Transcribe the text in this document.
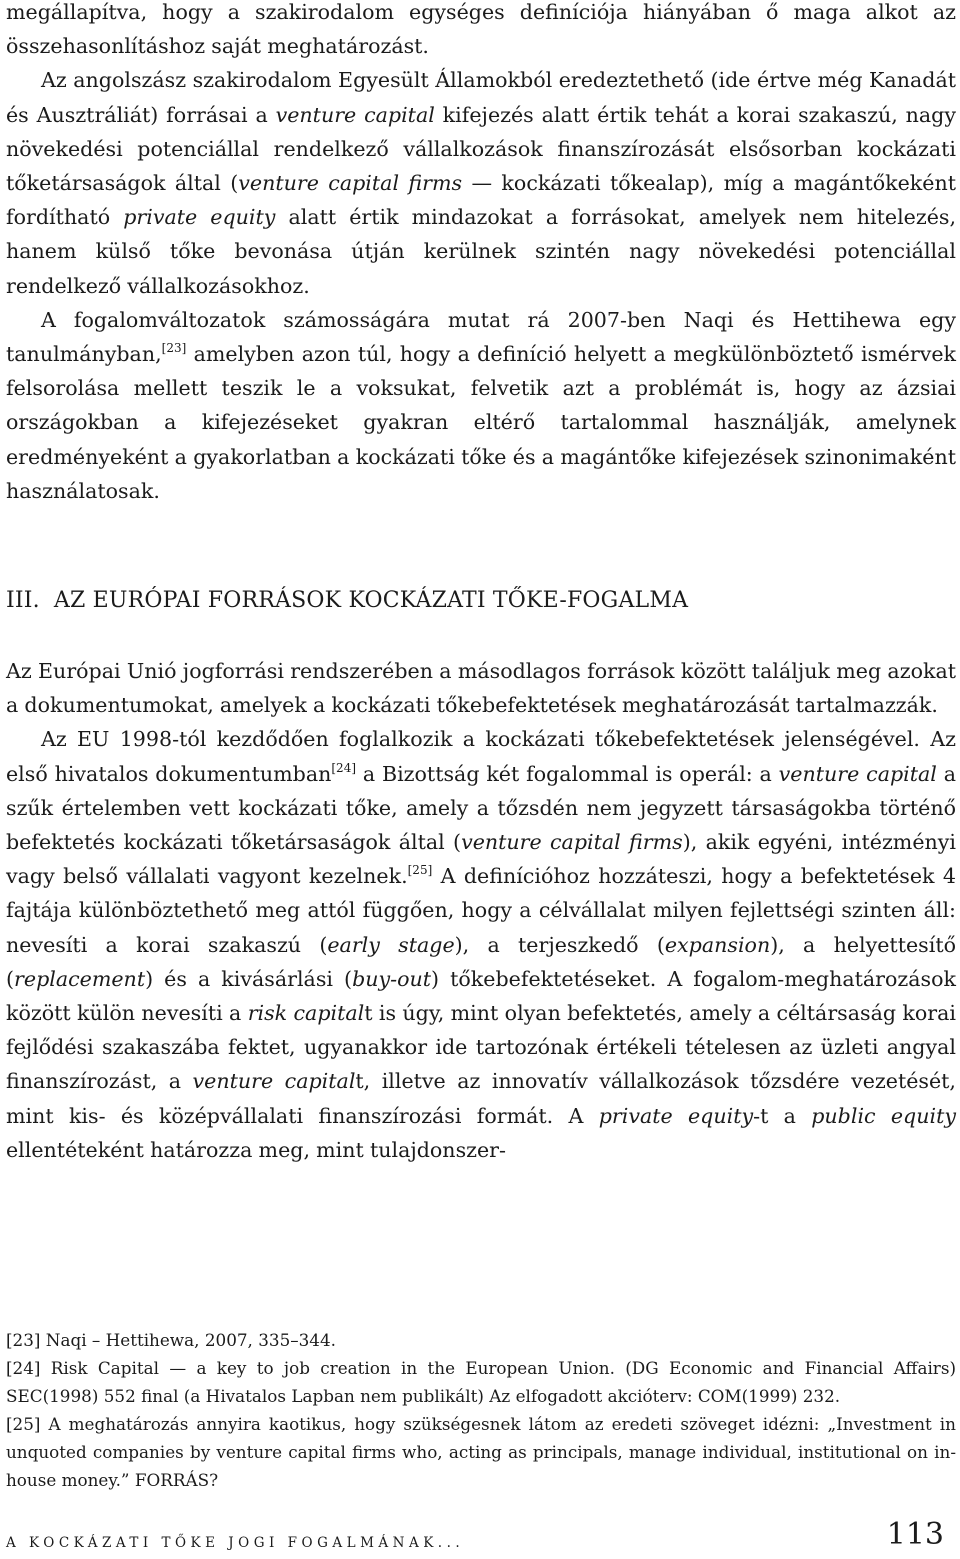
megállapítva, hogy a szakirodalom egységes definíciója hiányában ő maga alkot az összehasonlításhoz saját meghatározást.

Az angolszász szakirodalom Egyesült Államokból eredeztethető (ide értve még Kanadát és Ausztráliát) forrásai a venture capital kifejezés alatt értik tehát a korai szakaszú, nagy növekedési potenciállal rendelkező vállalkozások finanszírozását elsősorban kockázati tőketársaságok által (venture capital firms — kockázati tőkealap), míg a magántőkeként fordítható private equity alatt értik mindazokat a forrásokat, amelyek nem hitelezés, hanem külső tőke bevonása útján kerülnek szintén nagy növekedési potenciállal rendelkező vállalkozásokhoz.

A fogalomváltozatok számosságára mutat rá 2007-ben Naqi és Hettihewa egy tanulmányban,[23] amelyben azon túl, hogy a definíció helyett a megkülönböztető ismérvek felsorolása mellett teszik le a voksukat, felvetik azt a problémát is, hogy az ázsiai országokban a kifejezéseket gyakran eltérő tartalommal használják, amelynek eredményeként a gyakorlatban a kockázati tőke és a magántőke kifejezések szinonimaként használatosak.

III. AZ EURÓPAI FORRÁSOK KOCKÁZATI TŐKE-FOGALMA

Az Európai Unió jogforrási rendszerében a másodlagos források között találjuk meg azokat a dokumentumokat, amelyek a kockázati tőkebefektetések meghatározását tartalmazzák.

Az EU 1998-tól kezdődően foglalkozik a kockázati tőkebefektetések jelenségével. Az első hivatalos dokumentumban[24] a Bizottság két fogalommal is operál: a venture capital a szűk értelemben vett kockázati tőke, amely a tőzsdén nem jegyzett társaságokba történő befektetés kockázati tőketársaságok által (venture capital firms), akik egyéni, intézményi vagy belső vállalati vagyont kezelnek.[25] A definícióhoz hozzáteszi, hogy a befektetések 4 fajtája különböztethető meg attól függően, hogy a célvállalat milyen fejlettségi szinten áll: nevesíti a korai szakaszú (early stage), a terjeszkedő (expansion), a helyettesítő (replacement) és a kivásárlási (buy-out) tőkebefektetéseket. A fogalom-meghatározások között külön nevesíti a risk capitalt is úgy, mint olyan befektetés, amely a céltársaság korai fejlődési szakaszába fektet, ugyanakkor ide tartozónak értékeli tételesen az üzleti angyal finanszírozást, a venture capitalt, illetve az innovatív vállalkozások tőzsdére vezetését, mint kis- és középvállalati finanszírozási formát. A private equity-t a public equity ellentéteként határozza meg, mint tulajdonszer-

[23] Naqi – Hettihewa, 2007, 335–344.

[24] Risk Capital — a key to job creation in the European Union. (DG Economic and Financial Affairs) SEC(1998) 552 final (a Hivatalos Lapban nem publikált) Az elfogadott akcióterv: COM(1999) 232.

[25] A meghatározás annyira kaotikus, hogy szükségesnek látom az eredeti szöveget idézni: „Investment in unquoted companies by venture capital firms who, acting as principals, manage individual, institutional on in-house money.” FORRÁS?

A KOCKÁZATI TŐKE JOGI FOGALMÁNAK...	113
